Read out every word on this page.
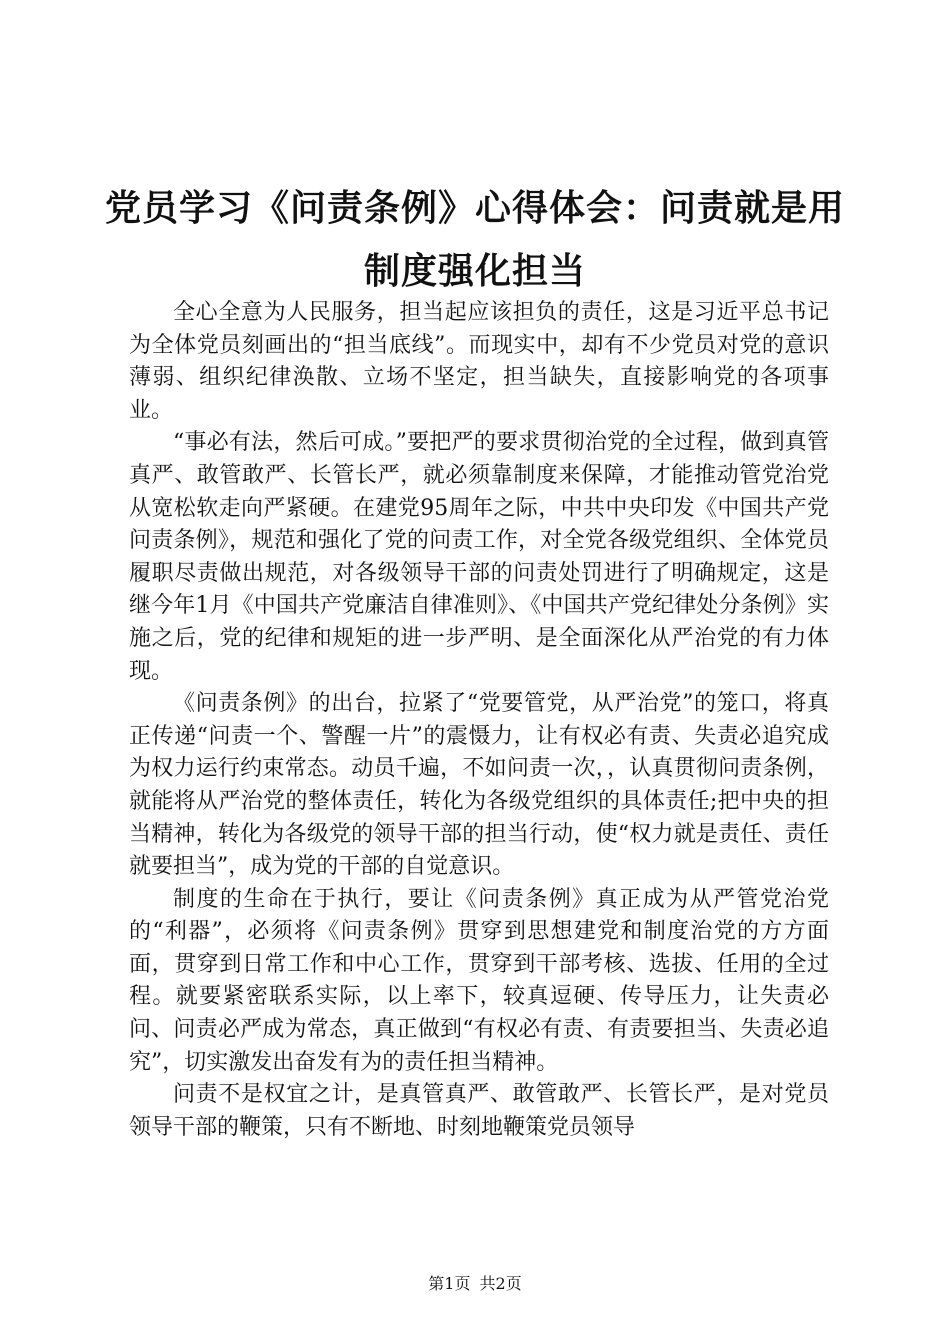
党员学习《问责条例》心得体会：问责就是用
制度强化担当

全心全意为人民服务，担当起应该担负的责任，这是习近平总书记为全体党员刻画出的“担当底线”。而现实中，却有不少党员对党的意识薄弱、组织纪律涣散、立场不坚定，担当缺失，直接影响党的各项事业。

“事必有法，然后可成。”要把严的要求贯彻治党的全过程，做到真管真严、敢管敢严、长管长严，就必须靠制度来保障，才能推动管党治党从宽松软走向严紧硬。在建党95周年之际，中共中央印发《中国共产党问责条例》，规范和强化了党的问责工作，对全党各级党组织、全体党员履职尽责做出规范，对各级领导干部的问责处罚进行了明确规定，这是继今年1月《中国共产党廉洁自律准则》、《中国共产党纪律处分条例》实施之后，党的纪律和规矩的进一步严明、是全面深化从严治党的有力体现。

《问责条例》的出台，拉紧了“党要管党，从严治党”的笼口，将真正传递“问责一个、警醒一片”的震慑力，让有权必有责、失责必追究成为权力运行约束常态。动员千遍，不如问责一次，，认真贯彻问责条例，就能将从严治党的整体责任，转化为各级党组织的具体责任;把中央的担当精神，转化为各级党的领导干部的担当行动，使“权力就是责任、责任就要担当”，成为党的干部的自觉意识。

制度的生命在于执行，要让《问责条例》真正成为从严管党治党的“利器”，必须将《问责条例》贯穿到思想建党和制度治党的方方面面，贯穿到日常工作和中心工作，贯穿到干部考核、选拔、任用的全过程。就要紧密联系实际，以上率下，较真逗硬、传导压力，让失责必问、问责必严成为常态，真正做到“有权必有责、有责要担当、失责必追究”，切实激发出奋发有为的责任担当精神。

问责不是权宜之计，是真管真严、敢管敢严、长管长严，是对党员领导干部的鞭策，只有不断地、时刻地鞭策党员领导

第1页 共2页
